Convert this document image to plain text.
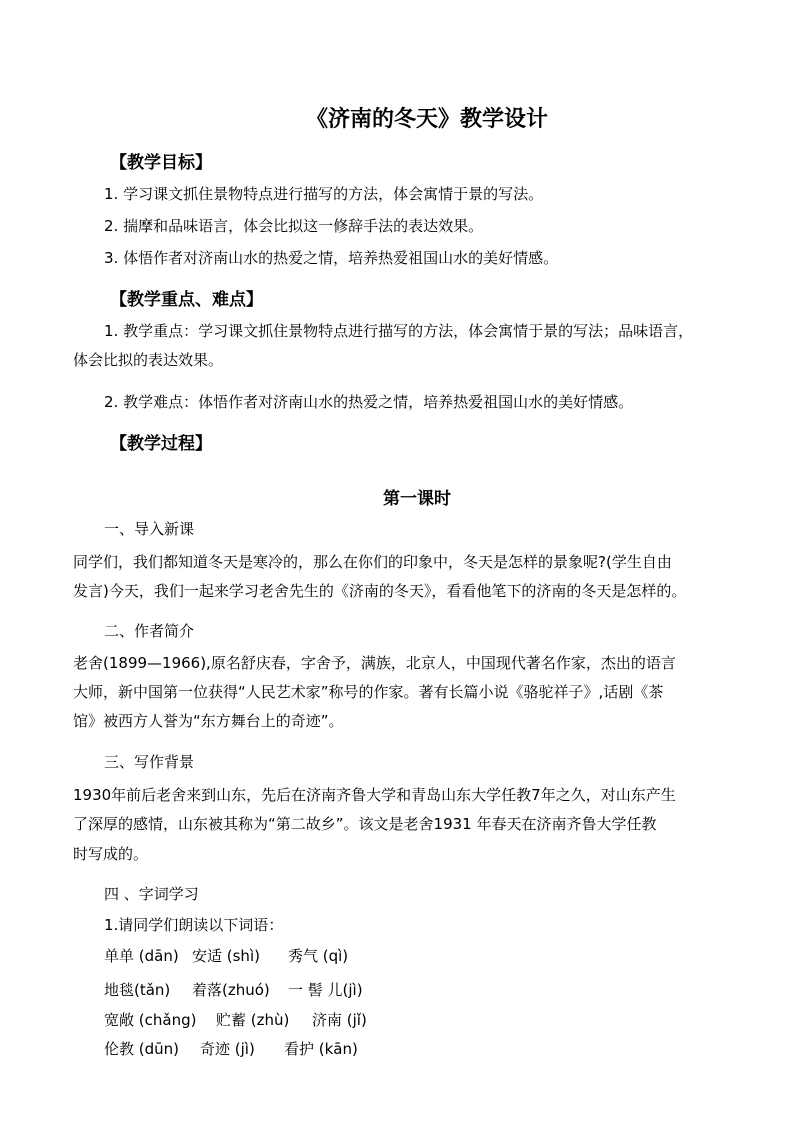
《济南的冬天》教学设计
【教学目标】
1. 学习课文抓住景物特点进行描写的方法，体会寓情于景的写法。
2. 揣摩和品味语言，体会比拟这一修辞手法的表达效果。
3. 体悟作者对济南山水的热爱之情，培养热爱祖国山水的美好情感。
【教学重点、难点】
1. 教学重点：学习课文抓住景物特点进行描写的方法，体会寓情于景的写法；品味语言，
体会比拟的表达效果。
2. 教学难点：体悟作者对济南山水的热爱之情，培养热爱祖国山水的美好情感。
【教学过程】
第一课时
一、导入新课
同学们，我们都知道冬天是寒冷的，那么在你们的印象中，冬天是怎样的景象呢?(学生自由
发言)今天，我们一起来学习老舍先生的《济南的冬天》，看看他笔下的济南的冬天是怎样的。
二、作者简介
老舍(1899—1966),原名舒庆春，字舍予，满族，北京人，中国现代著名作家，杰出的语言
大师，新中国第一位获得“人民艺术家”称号的作家。著有长篇小说《骆驼祥子》,话剧《茶
馆》被西方人誉为“东方舞台上的奇迹”。
三、写作背景
1930年前后老舍来到山东，先后在济南齐鲁大学和青岛山东大学任教7年之久，对山东产生
了深厚的感情，山东被其称为“第二故乡”。该文是老舍1931 年春天在济南齐鲁大学任教
时写成的。
四 、字词学习
1.请同学们朗读以下词语：
单单 (dān) 安适 (shì) 秀气 (qì)
地毯(tǎn) 着落(zhuó) 一 髻 儿(jì)
宽敞 (chǎng) 贮蓄 (zhù) 济南 (jǐ)
伦教 (dūn) 奇迹 (jì) 看护 (kān)
